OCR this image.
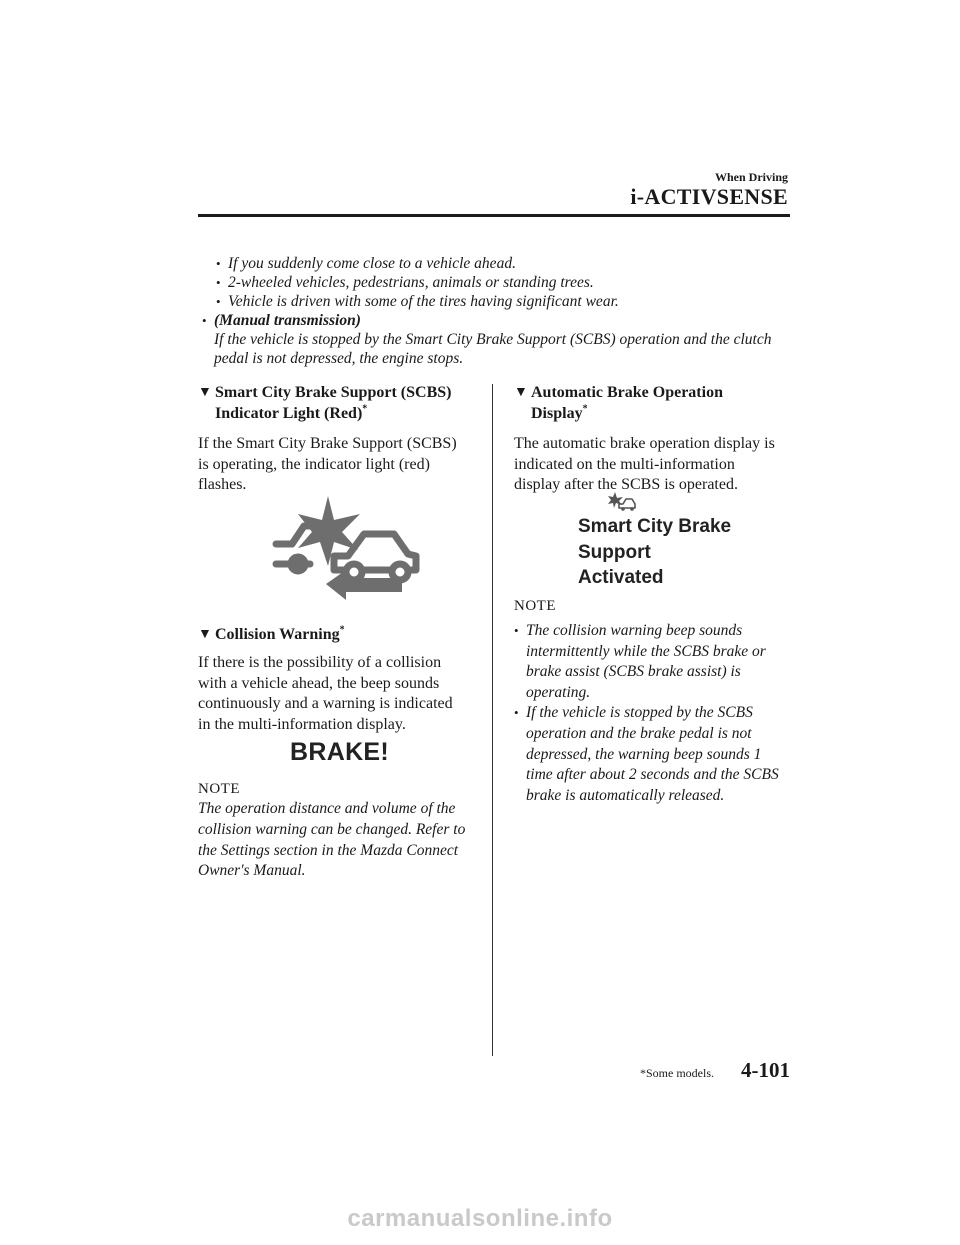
When Driving
i-ACTIVSENSE
• If you suddenly come close to a vehicle ahead.
• 2-wheeled vehicles, pedestrians, animals or standing trees.
• Vehicle is driven with some of the tires having significant wear.
• (Manual transmission)
If the vehicle is stopped by the Smart City Brake Support (SCBS) operation and the clutch pedal is not depressed, the engine stops.
▼ Smart City Brake Support (SCBS)
Indicator Light (Red)*
If the Smart City Brake Support (SCBS) is operating, the indicator light (red) flashes.
▼ Collision Warning*
If there is the possibility of a collision with a vehicle ahead, the beep sounds continuously and a warning is indicated in the multi-information display.
BRAKE!
NOTE
The operation distance and volume of the collision warning can be changed. Refer to the Settings section in the Mazda Connect Owner's Manual.
▼ Automatic Brake Operation
Display*
The automatic brake operation display is indicated on the multi-information display after the SCBS is operated.
Smart City Brake
Support
Activated
NOTE
• The collision warning beep sounds intermittently while the SCBS brake or brake assist (SCBS brake assist) is operating.
• If the vehicle is stopped by the SCBS operation and the brake pedal is not depressed, the warning beep sounds 1 time after about 2 seconds and the SCBS brake is automatically released.
*Some models. 4-101
carmanualsonline.info
